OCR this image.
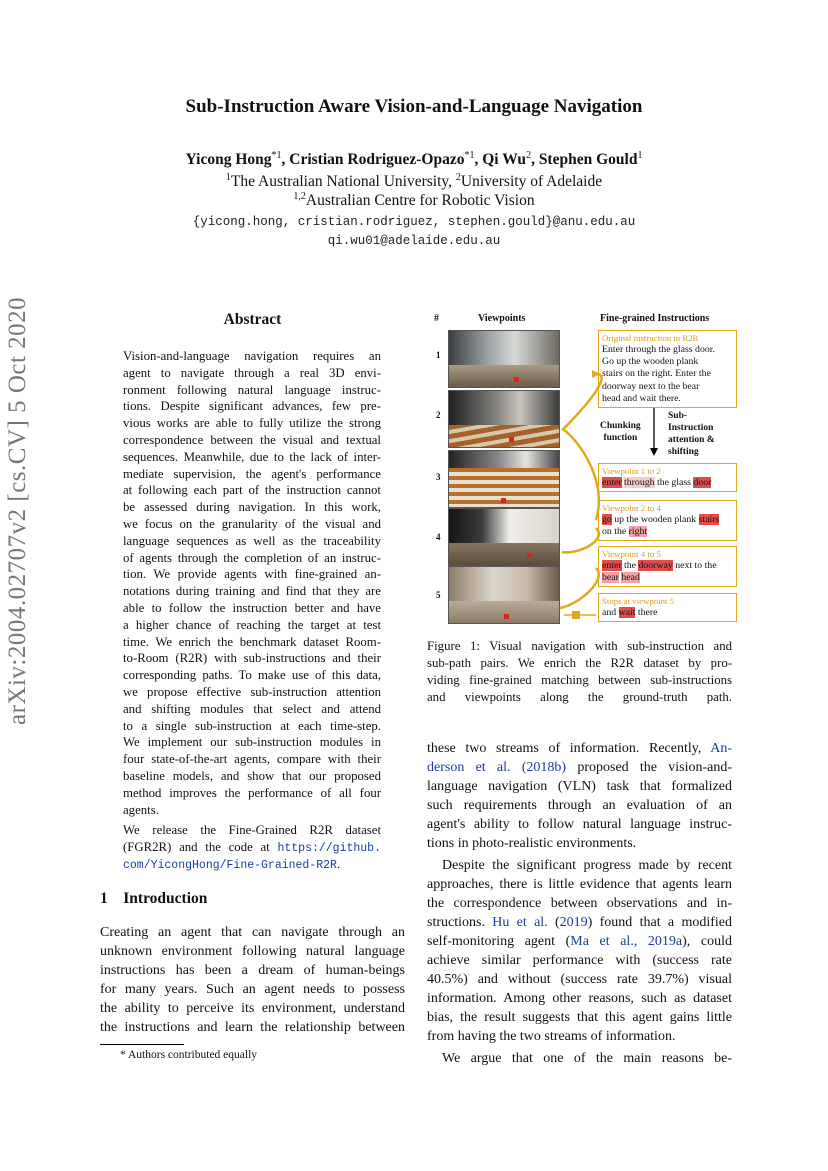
Sub-Instruction Aware Vision-and-Language Navigation
Yicong Hong$^{*1}$, Cristian Rodriguez-Opazo$^{*1}$, Qi Wu$^2$, Stephen Gould$^1$
$^1$The Australian National University, $^2$University of Adelaide
$^{1,2}$Australian Centre for Robotic Vision
{yicong.hong, cristian.rodriguez, stephen.gould}@anu.edu.au
qi.wu01@adelaide.edu.au
arXiv:2004.02707v2 [cs.CV] 5 Oct 2020	Abstract
Vision-and-language navigation requires an
agent to navigate through a real 3D envi-
ronment following natural language instruc-
tions. Despite significant advances, few pre-
vious works are able to fully utilize the strong
correspondence between the visual and textual
sequences. Meanwhile, due to the lack of inter-
mediate supervision, the agent's performance
at following each part of the instruction cannot
be assessed during navigation. In this work,
we focus on the granularity of the visual and
language sequences as well as the traceability
of agents through the completion of an instruc-
tion. We provide agents with fine-grained an-
notations during training and find that they are
able to follow the instruction better and have
a higher chance of reaching the target at test
time. We enrich the benchmark dataset Room-
to-Room (R2R) with sub-instructions and their
corresponding paths. To make use of this data,
we propose effective sub-instruction attention
and shifting modules that select and attend
to a single sub-instruction at each time-step.
We implement our sub-instruction modules in
four state-of-the-art agents, compare with their
baseline models, and show that our proposed
method improves the performance of all four
agents.
We release the Fine-Grained R2R dataset
(FGR2R) and the code at https://github.
com/YicongHong/Fine-Grained-R2R.
1 Introduction
Creating an agent that can navigate through an
unknown environment following natural language
instructions has been a dream of human-beings
for many years. Such an agent needs to possess
the ability to perceive its environment, understand
the instructions and learn the relationship between
* Authors contributed equally
#	Viewpoints	Fine-grained Instructions
1
2
3
4
5
Original instruction in R2R
Enter through the glass door.
Go up the wooden plank
stairs on the right. Enter the
doorway next to the bear
head and wait there.
Chunking
function
Sub-
Instruction
attention &
shifting
Viewpoint 1 to 2
enter through the glass door
Viewpoint 2 to 4
go up the wooden plank stairs
on the right
Viewpoint 4 to 5
enter the doorway next to the
bear head
Stops at viewpoint 5
and wait there
Figure 1: Visual navigation with sub-instruction and
sub-path pairs. We enrich the R2R dataset by pro-
viding fine-grained matching between sub-instructions
and viewpoints along the ground-truth path.
these two streams of information. Recently, An-
derson et al. (2018b) proposed the vision-and-
language navigation (VLN) task that formalized
such requirements through an evaluation of an
agent's ability to follow natural language instruc-
tions in photo-realistic environments.
Despite the significant progress made by recent
approaches, there is little evidence that agents learn
the correspondence between observations and in-
structions. Hu et al. (2019) found that a modified
self-monitoring agent (Ma et al., 2019a), could
achieve similar performance with (success rate
40.5%) and without (success rate 39.7%) visual
information. Among other reasons, such as dataset
bias, the result suggests that this agent gains little
from having the two streams of information.
We argue that one of the main reasons be-
